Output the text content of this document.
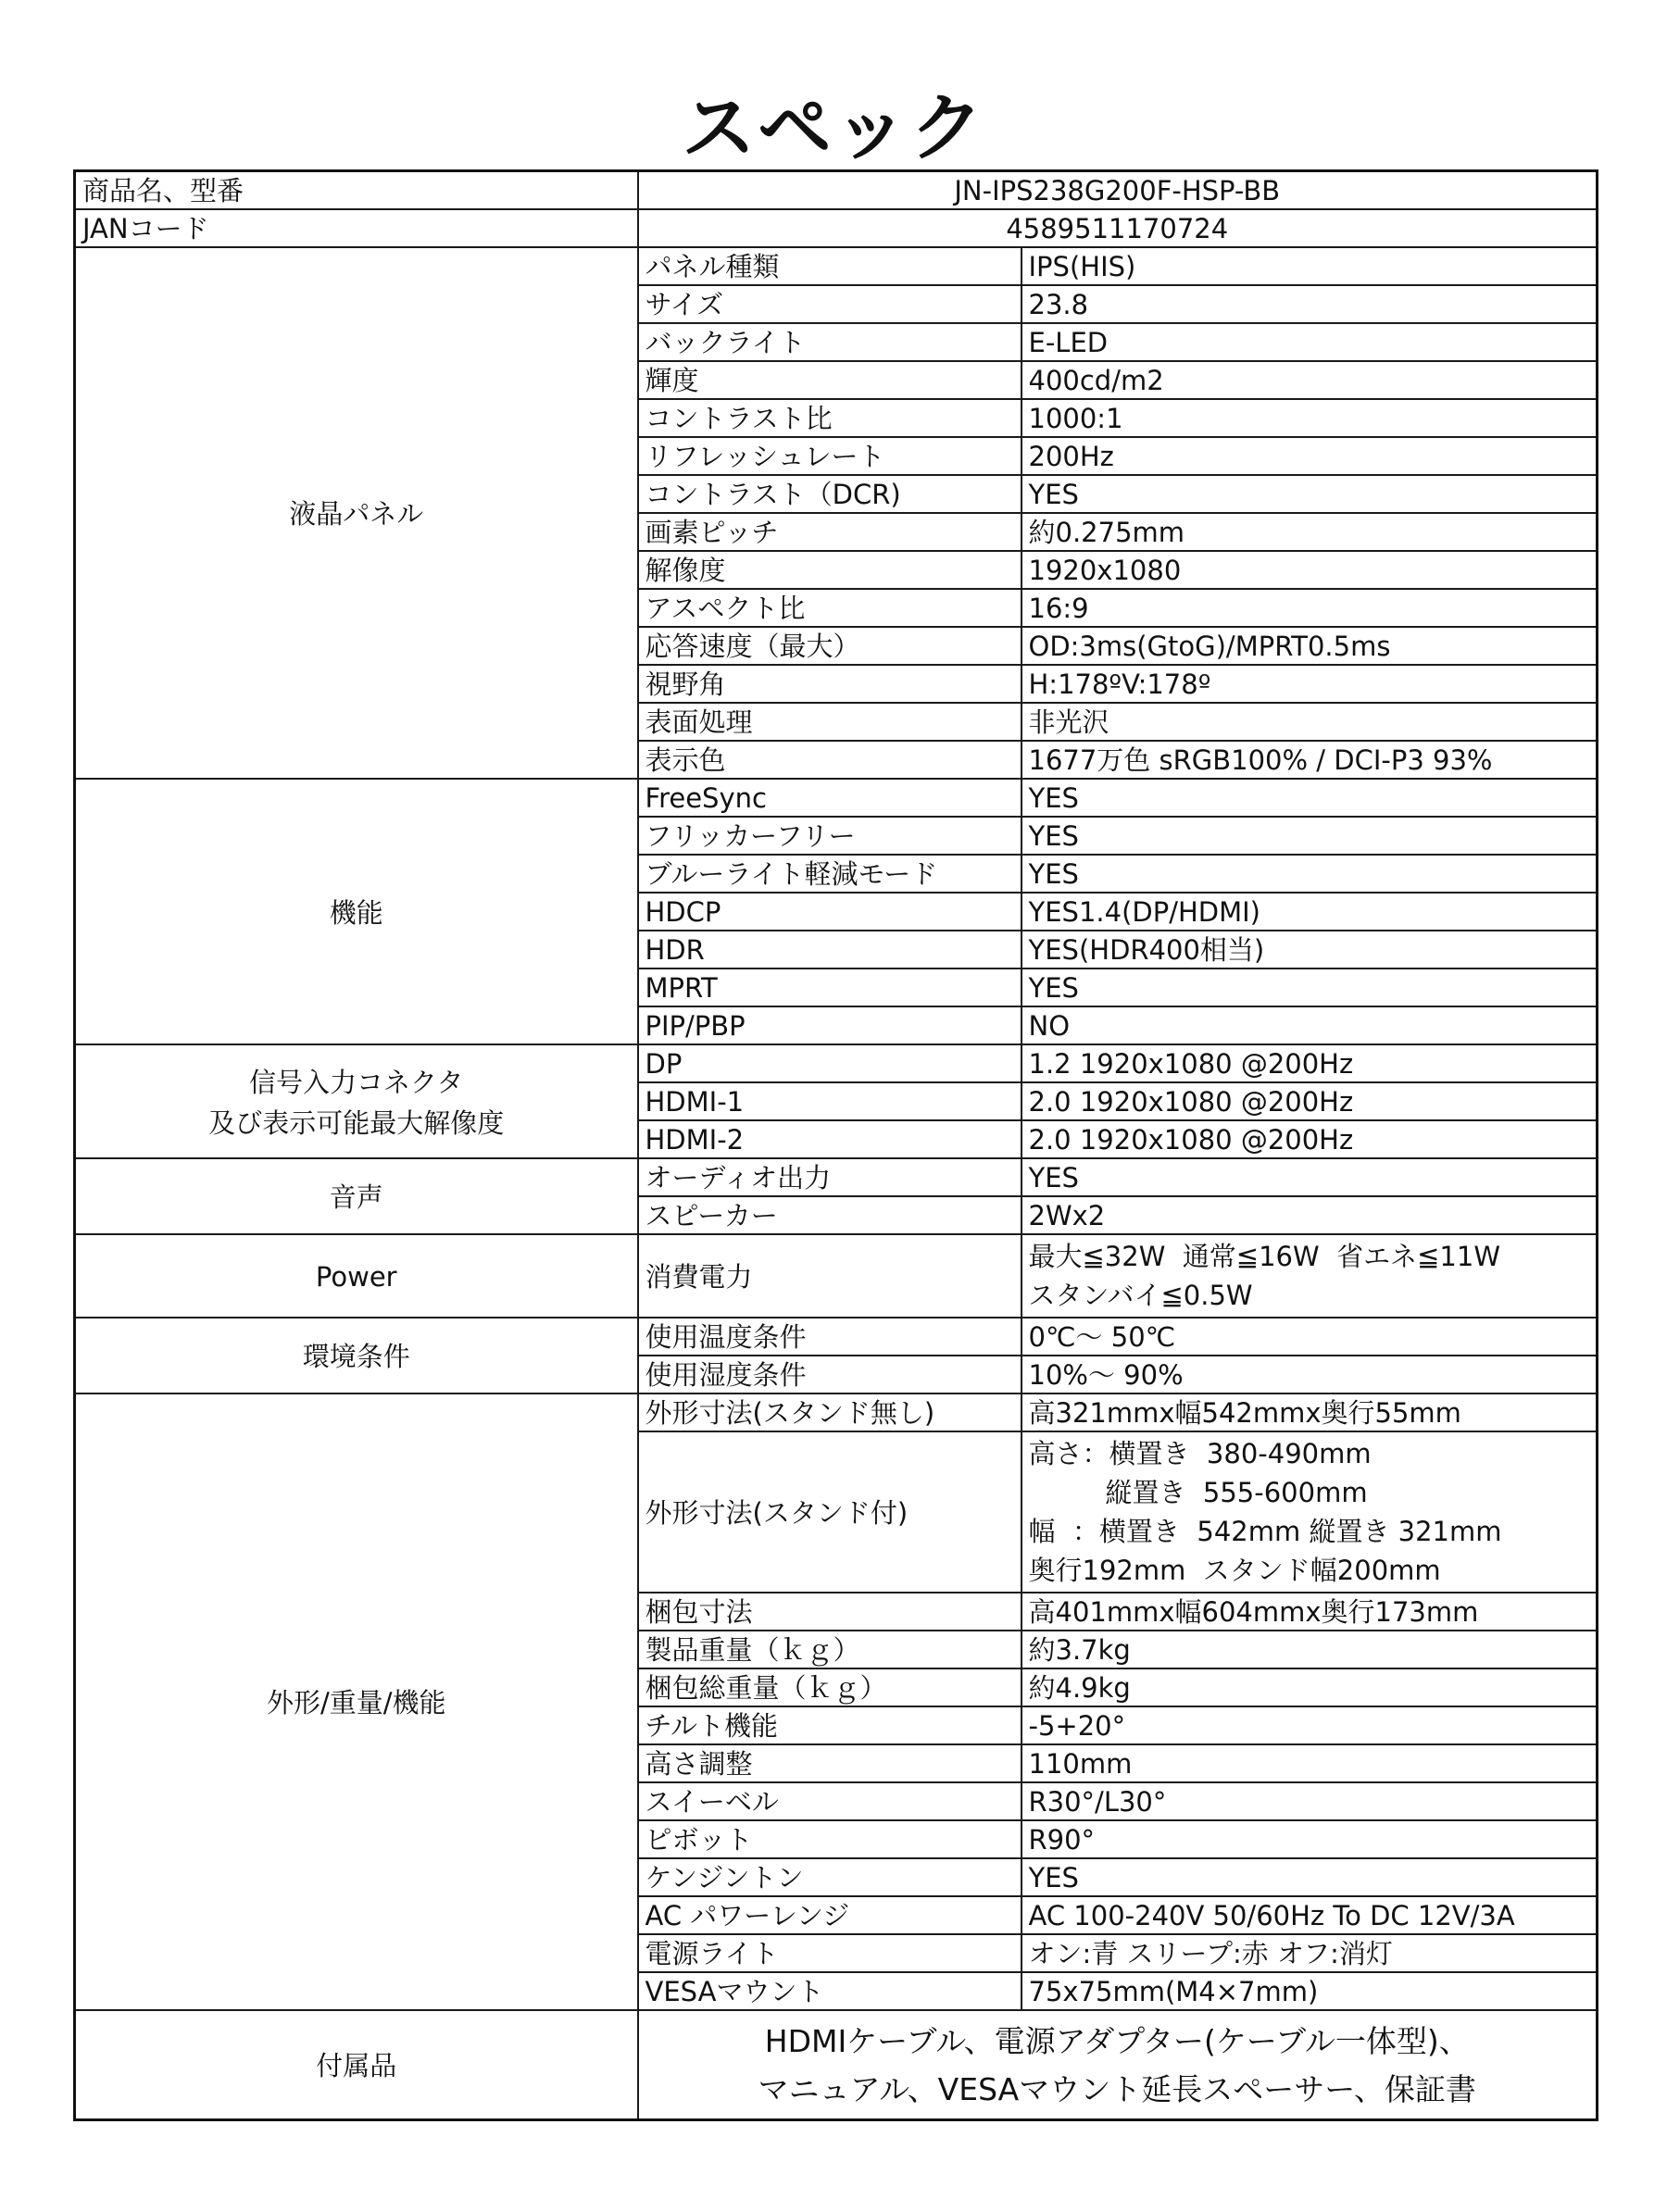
スペック
商品名、型番	JN-IPS238G200F-HSP-BB	
JANコード	4589511170724	
液晶パネル	パネル種類	IPS(HIS)
	サイズ	23.8
	バックライト	E-LED
	輝度	400cd/m2
	コントラスト比	1000:1
	リフレッシュレート	200Hz
	コントラスト（DCR)	YES
	画素ピッチ	約0.275mm
	解像度	1920x1080
	アスペクト比	16:9
	応答速度（最大）	OD:3ms(GtoG)/MPRT0.5ms
	視野角	H:178ºV:178º
	表面処理	非光沢
	表示色	1677万色 sRGB100% / DCI-P3 93%
機能	FreeSync	YES
	フリッカーフリー	YES
	ブルーライト軽減モード	YES
	HDCP	YES1.4(DP/HDMI)
	HDR	YES(HDR400相当)
	MPRT	YES
	PIP/PBP	NO
信号入力コネクタ
及び表示可能最大解像度	DP	1.2 1920x1080 @200Hz
	HDMI-1	2.0 1920x1080 @200Hz
	HDMI-2	2.0 1920x1080 @200Hz
音声	オーディオ出力	YES
	スピーカー	2Wx2
Power	消費電力	最大≦32W  通常≦16W  省エネ≦11W
スタンバイ≦0.5W
環境条件	使用温度条件	0℃～ 50℃
	使用湿度条件	10%～ 90%
外形/重量/機能	外形寸法(スタンド無し)	高321mmx幅542mmx奥行55mm
	外形寸法(スタンド付)	高さ：横置き  380-490mm
縦置き  555-600mm
幅  ：横置き  542mm 縦置き 321mm
奥行192mm  スタンド幅200mm
	梱包寸法	高401mmx幅604mmx奥行173mm
	製品重量（ｋｇ）	約3.7kg
	梱包総重量（ｋｇ）	約4.9kg
	チルト機能	-5+20°
	高さ調整	110mm
	スイーベル	R30°/L30°
	ピボット	R90°
	ケンジントン	YES
	AC パワーレンジ	AC 100-240V 50/60Hz To DC 12V/3A
	電源ライト	オン:青 スリープ:赤 オフ:消灯
	VESAマウント	75x75mm(M4×7mm)
付属品	HDMIケーブル、電源アダプター(ケーブル一体型)、
マニュアル、VESAマウント延長スペーサー、保証書	
